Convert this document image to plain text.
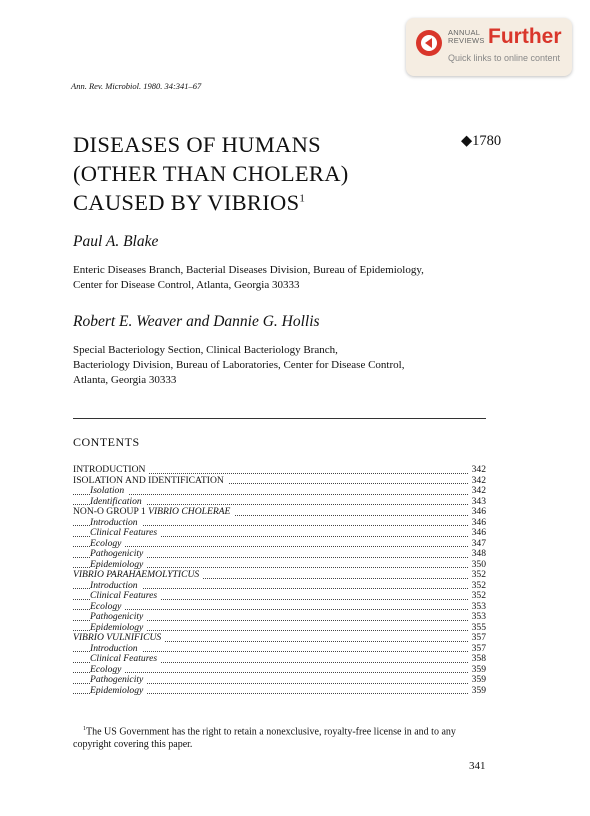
ANNUAL
REVIEWS Further
Quick links to online content
Ann. Rev. Microbiol. 1980. 34:341–67
DISEASES OF HUMANS
(OTHER THAN CHOLERA)
CAUSED BY VIBRIOS$^1$
◆1780
Paul A. Blake
Enteric Diseases Branch, Bacterial Diseases Division, Bureau of Epidemiology,
Center for Disease Control, Atlanta, Georgia 30333
Robert E. Weaver and Dannie G. Hollis
Special Bacteriology Section, Clinical Bacteriology Branch,
Bacteriology Division, Bureau of Laboratories, Center for Disease Control,
Atlanta, Georgia 30333
CONTENTS
INTRODUCTION	342
ISOLATION AND IDENTIFICATION	342
Isolation	342
Identification	343
NON-O GROUP 1 VIBRIO CHOLERAE	346
Introduction	346
Clinical Features	346
Ecology	347
Pathogenicity	348
Epidemiology	350
VIBRIO PARAHAEMOLYTICUS	352
Introduction	352
Clinical Features	352
Ecology	353
Pathogenicity	353
Epidemiology	355
VIBRIO VULNIFICUS	357
Introduction	357
Clinical Features	358
Ecology	359
Pathogenicity	359
Epidemiology	359
$^1$The US Government has the right to retain a nonexclusive, royalty-free license in and to any copyright covering this paper.
341
